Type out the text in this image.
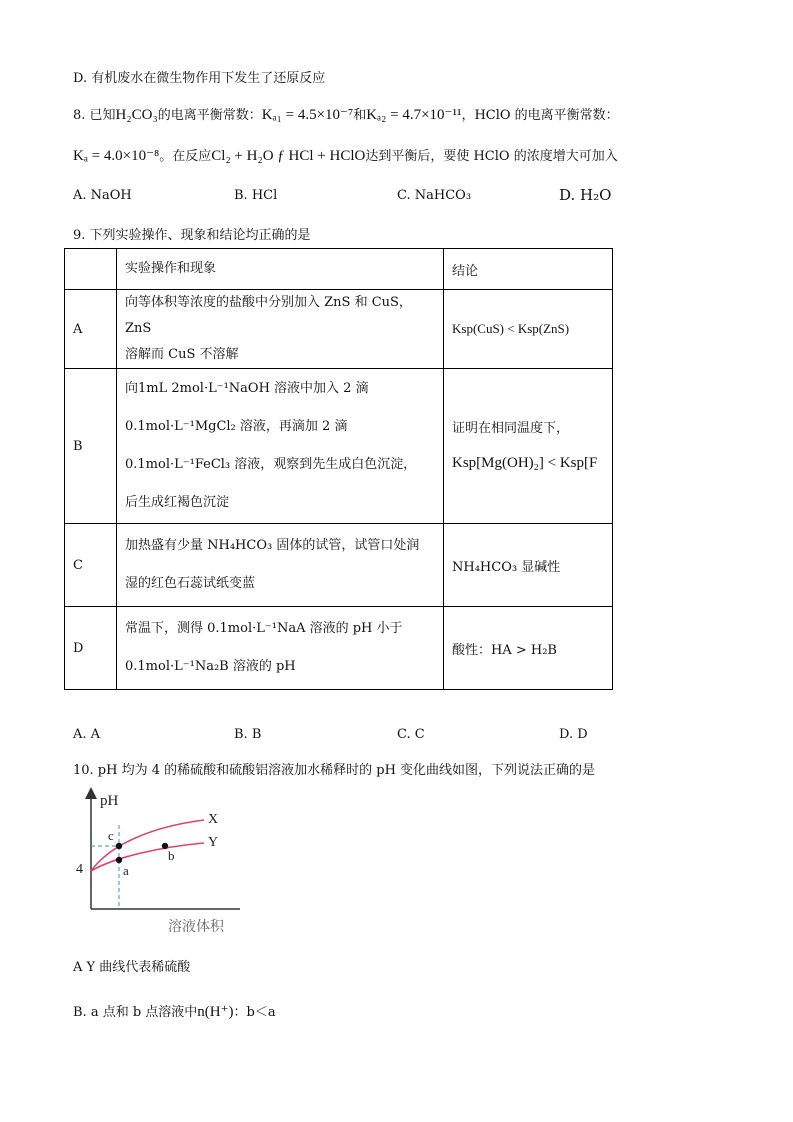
D. 有机废水在微生物作用下发生了还原反应
8. 已知H₂CO₃的电离平衡常数：Kₐ₁ = 4.5×10⁻⁷和Kₐ₂ = 4.7×10⁻¹¹，HClO 的电离平衡常数：
Kₐ = 4.0×10⁻⁸。在反应Cl₂ + H₂O ƒ HCl + HClO达到平衡后，要使 HClO 的浓度增大可加入
A. NaOH	B. HCl	C. NaHCO₃	D. H₂O
9. 下列实验操作、现象和结论均正确的是
	实验操作和现象	结论
A	向等体积等浓度的盐酸中分别加入 ZnS 和 CuS，ZnS
溶解而 CuS 不溶解	Ksp(CuS) < Ksp(ZnS)
B	向1mL 2mol·L⁻¹NaOH 溶液中加入 2 滴
0.1mol·L⁻¹MgCl₂ 溶液，再滴加 2 滴
0.1mol·L⁻¹FeCl₃ 溶液，观察到先生成白色沉淀，
后生成红褐色沉淀	证明在相同温度下，
Ksp[Mg(OH)₂] < Ksp[F

C	加热盛有少量 NH₄HCO₃ 固体的试管，试管口处润
湿的红色石蕊试纸变蓝	NH₄HCO₃ 显碱性
D	常温下，测得 0.1mol·L⁻¹NaA 溶液的 pH 小于
0.1mol·L⁻¹Na₂B 溶液的 pH	酸性：HA > H₂B
A. A	B. B	C. C	D. D
10. pH 均为 4 的稀硫酸和硫酸铝溶液加水稀释时的 pH 变化曲线如图，下列说法正确的是
pH
4
溶液体积
X
Y
c
a
b
A Y 曲线代表稀硫酸
B. a 点和 b 点溶液中n(H⁺)：b＜a
